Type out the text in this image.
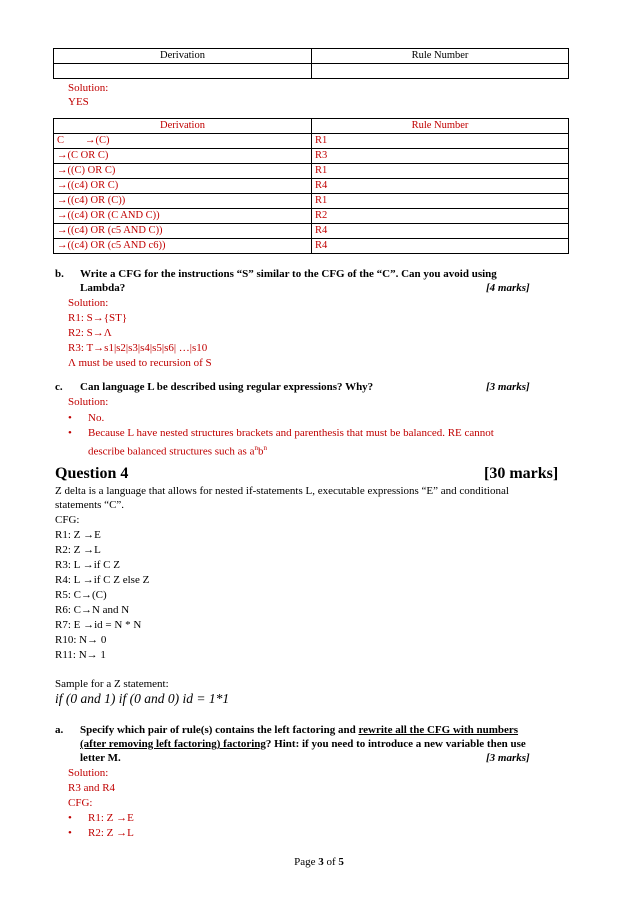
Derivation	Rule Number

Solution:
YES
Derivation	Rule Number
C        →(C)	R1
→(C OR C)	R3
→((C) OR C)	R1
→((c4) OR C)	R4
→((c4) OR (C))	R1
→((c4) OR (C AND C))	R2
→((c4) OR (c5 AND C))	R4
→((c4) OR (c5 AND c6))	R4
b. Write a CFG for the instructions “S” similar to the CFG of the “C”. Can you avoid using
Lambda?	[4 marks]
Solution:
R1: S→{ST}
R2: S→Λ
R3: T→s1|s2|s3|s4|s5|s6| …|s10
Λ must be used to recursion of S
c. Can language L be described using regular expressions? Why?	[3 marks]
Solution:
• No.
• Because L have nested structures brackets and parenthesis that must be balanced. RE cannot
describe balanced structures such as $a^nb^n$
Question 4	[30 marks]
Z delta is a language that allows for nested if-statements L, executable expressions “E” and conditional
statements “C”.
CFG:
R1: Z →E
R2: Z →L
R3: L →if C Z
R4: L →if C Z else Z
R5: C→(C)
R6: C→N and N
R7: E →id = N * N
R10: N→ 0
R11: N→ 1
Sample for a Z statement:
if (0 and 1) if (0 and 0) id = 1*1
a. Specify which pair of rule(s) contains the left factoring and rewrite all the CFG with numbers
(after removing left factoring) factoring? Hint: if you need to introduce a new variable then use
letter M.	[3 marks]
Solution:
R3 and R4
CFG:
• R1: Z →E
• R2: Z →L
Page 3 of 5
